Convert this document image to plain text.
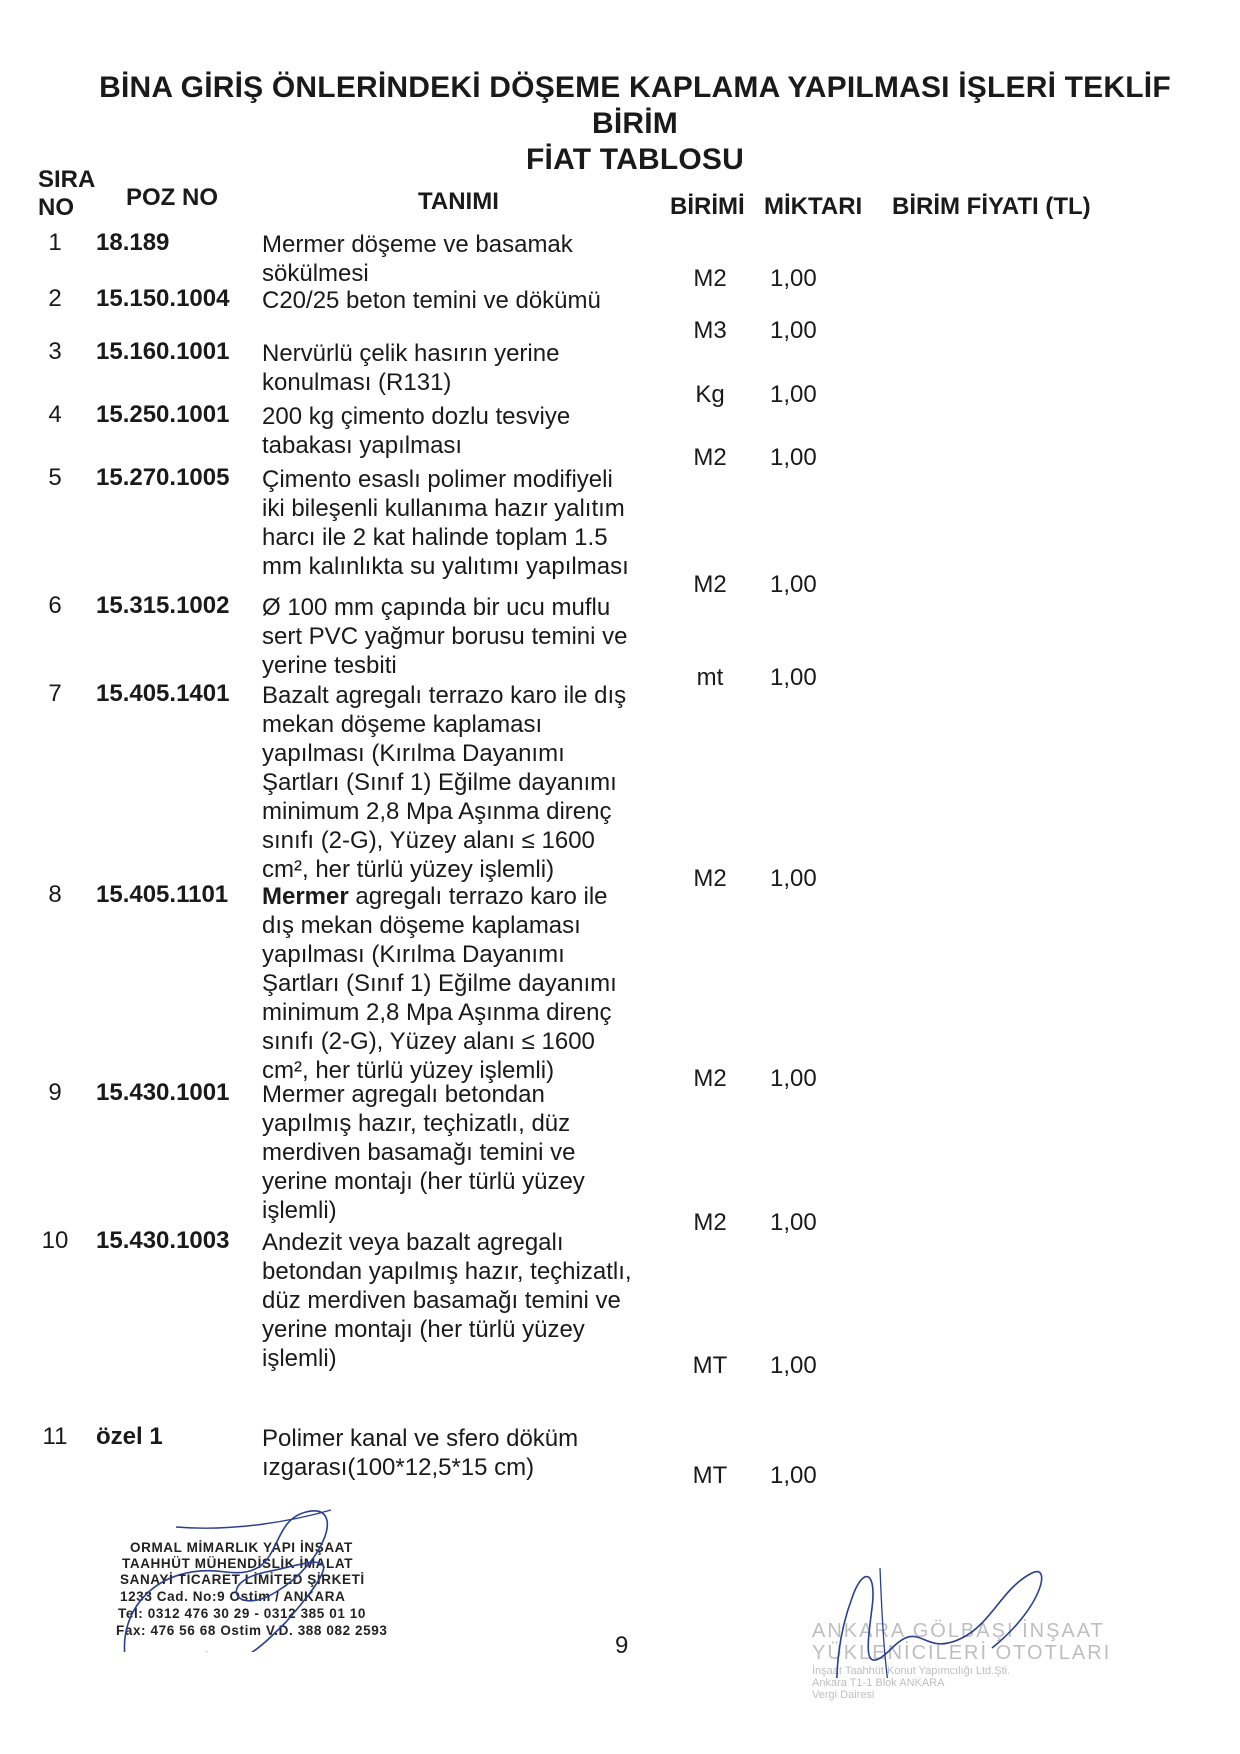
BİNA GİRİŞ ÖNLERİNDEKİ DÖŞEME KAPLAMA YAPILMASI İŞLERİ TEKLİF BİRİM
FİAT TABLOSU
SIRA
NO	POZ NO	TANIMI	BİRİMİ MİKTARI BİRİM FİYATI (TL)
1	18.189	Mermer döşeme ve basamak
sökülmesi	M2	1,00
2	15.150.1004 C20/25 beton temini ve dökümü
M3	1,00
3	15.160.1001 Nervürlü çelik hasırın yerine
konulması (R131)	Kg	1,00
4	15.250.1001 200 kg çimento dozlu tesviye
tabakası yapılması	M2	1,00
5	15.270.1005 Çimento esaslı polimer modifiyeli
iki bileşenli kullanıma hazır yalıtım
harcı ile 2 kat halinde toplam 1.5
mm kalınlıkta su yalıtımı yapılması
M2	1,00
6	15.315.1002 Ø 100 mm çapında bir ucu muflu
sert PVC yağmur borusu temini ve
yerine tesbiti	mt	1,00
7	15.405.1401 Bazalt agregalı terrazo karo ile dış
mekan döşeme kaplaması
yapılması (Kırılma Dayanımı
Şartları (Sınıf 1) Eğilme dayanımı
minimum 2,8 Mpa Aşınma direnç
sınıfı (2-G), Yüzey alanı ≤ 1600
cm², her türlü yüzey işlemli)	M2	1,00
8	15.405.1101 Mermer agregalı terrazo karo ile
dış mekan döşeme kaplaması
yapılması (Kırılma Dayanımı
Şartları (Sınıf 1) Eğilme dayanımı
minimum 2,8 Mpa Aşınma direnç
sınıfı (2-G), Yüzey alanı ≤ 1600
cm², her türlü yüzey işlemli)	M2	1,00
9	15.430.1001 Mermer agregalı betondan
yapılmış hazır, teçhizatlı, düz
merdiven basamağı temini ve
yerine montajı (her türlü yüzey
işlemli)	M2	1,00
10 15.430.1003 Andezit veya bazalt agregalı
betondan yapılmış hazır, teçhizatlı,
düz merdiven basamağı temini ve
yerine montajı (her türlü yüzey
işlemli)	MT	1,00
11 özel 1	Polimer kanal ve sfero döküm
ızgarası(100*12,5*15 cm)	MT	1,00
ORMAL MİMARLIK YAPI İNŞAAT
TAAHHÜT MÜHENDİSLİK İMALAT
SANAYİ TİCARET LİMİTED ŞİRKETİ
1233 Cad. No:9 Ostim / ANKARA
Tel: 0312 476 30 29 - 0312 385 01 10
Fax: 476 56 68 Ostim V.D. 388 082 2593
9
ANKARA GÖLBAŞI İNŞAAT
YÜKLENİCİLERİ OTOTLARI
İnşaat Taahhüt Konut Yapımcılığı Ltd.Şti.
Ankara T1-1 Blok ANKARA
Vergi Dairesi
